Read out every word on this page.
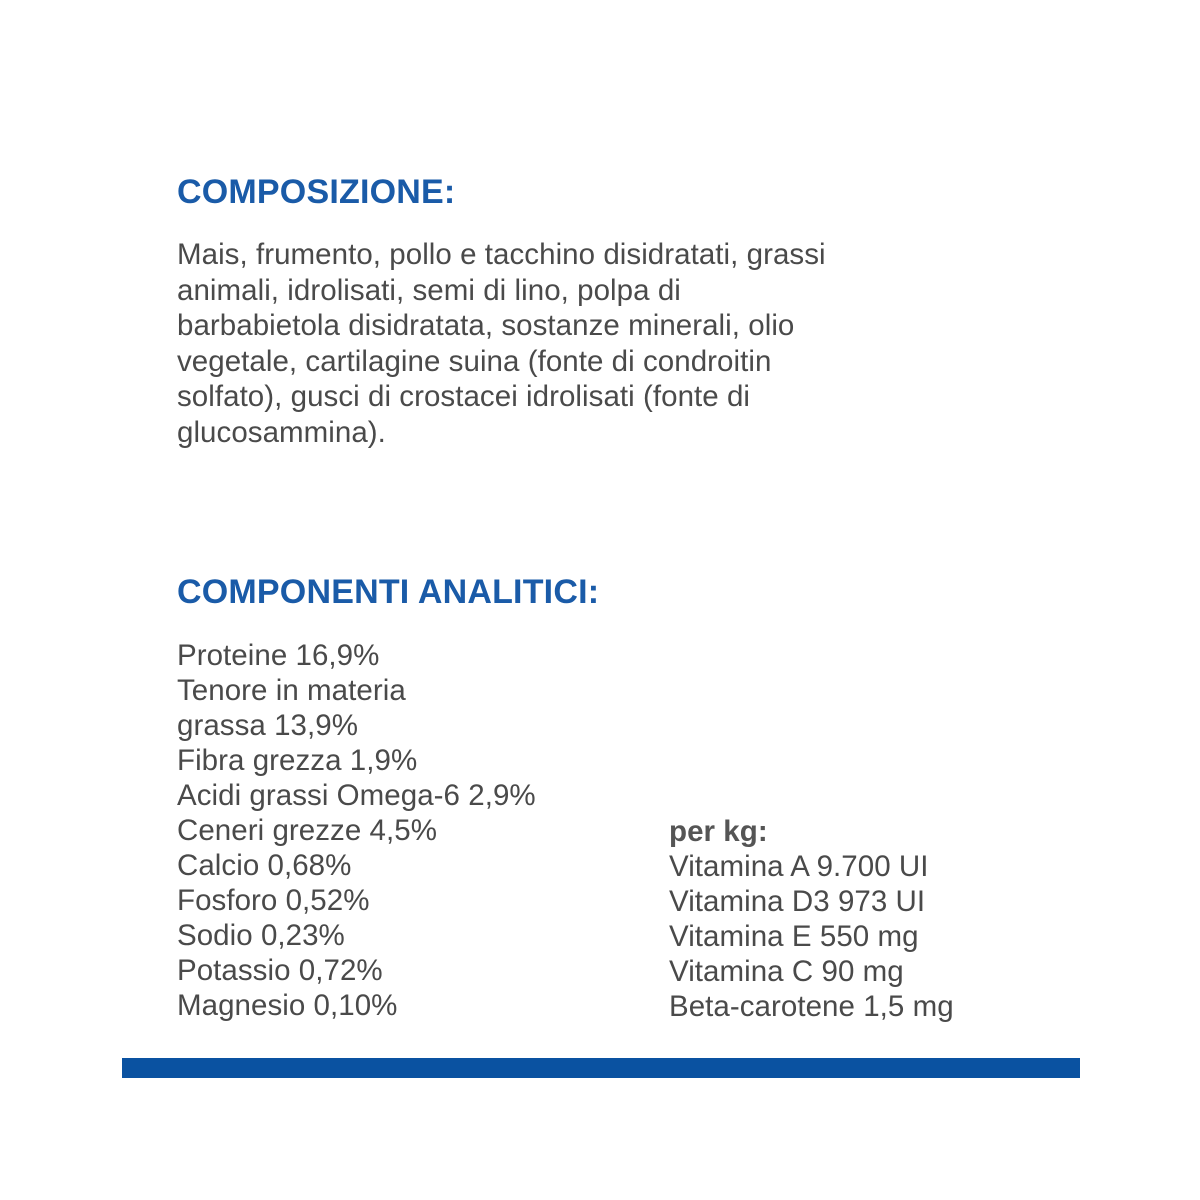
COMPOSIZIONE:
Mais, frumento, pollo e tacchino disidratati, grassi
animali, idrolisati, semi di lino, polpa di
barbabietola disidratata, sostanze minerali, olio
vegetale, cartilagine suina (fonte di condroitin
solfato), gusci di crostacei idrolisati (fonte di
glucosammina).
COMPONENTI ANALITICI:
Proteine 16,9%
Tenore in materia
grassa 13,9%
Fibra grezza 1,9%
Acidi grassi Omega-6 2,9%
Ceneri grezze 4,5%
Calcio 0,68%
Fosforo 0,52%
Sodio 0,23%
Potassio 0,72%
Magnesio 0,10%
per kg:
Vitamina A 9.700 UI
Vitamina D3 973 UI
Vitamina E 550 mg
Vitamina C 90 mg
Beta-carotene 1,5 mg
